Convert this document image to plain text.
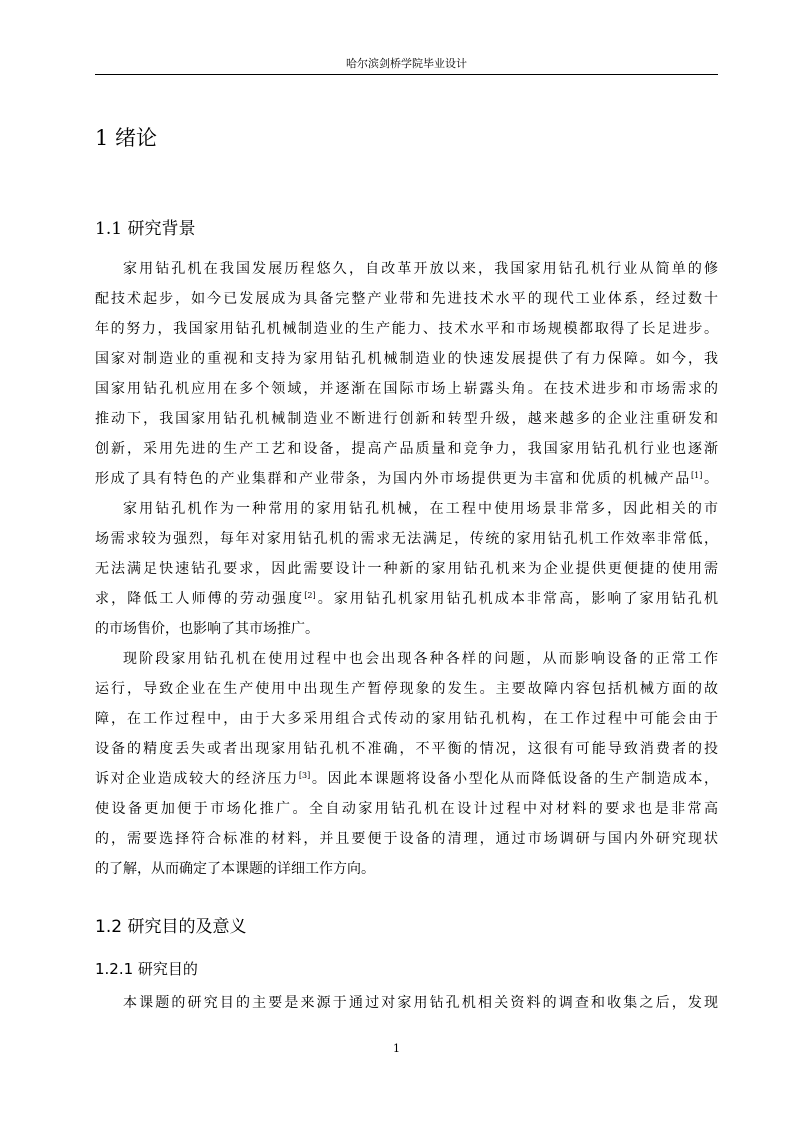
哈尔滨剑桥学院毕业设计
1 绪论
1.1 研究背景
家用钻孔机在我国发展历程悠久，自改革开放以来，我国家用钻孔机行业从简单的修
配技术起步，如今已发展成为具备完整产业带和先进技术水平的现代工业体系，经过数十
年的努力，我国家用钻孔机械制造业的生产能力、技术水平和市场规模都取得了长足进步。
国家对制造业的重视和支持为家用钻孔机械制造业的快速发展提供了有力保障。如今，我
国家用钻孔机应用在多个领域，并逐渐在国际市场上崭露头角。在技术进步和市场需求的
推动下，我国家用钻孔机械制造业不断进行创新和转型升级，越来越多的企业注重研发和
创新，采用先进的生产工艺和设备，提高产品质量和竞争力，我国家用钻孔机行业也逐渐
形成了具有特色的产业集群和产业带条，为国内外市场提供更为丰富和优质的机械产品[1]。
家用钻孔机作为一种常用的家用钻孔机械，在工程中使用场景非常多，因此相关的市
场需求较为强烈，每年对家用钻孔机的需求无法满足，传统的家用钻孔机工作效率非常低，
无法满足快速钻孔要求，因此需要设计一种新的家用钻孔机来为企业提供更便捷的使用需
求，降低工人师傅的劳动强度[2]。家用钻孔机家用钻孔机成本非常高，影响了家用钻孔机
的市场售价，也影响了其市场推广。
现阶段家用钻孔机在使用过程中也会出现各种各样的问题，从而影响设备的正常工作
运行，导致企业在生产使用中出现生产暂停现象的发生。主要故障内容包括机械方面的故
障，在工作过程中，由于大多采用组合式传动的家用钻孔机构，在工作过程中可能会由于
设备的精度丢失或者出现家用钻孔机不准确，不平衡的情况，这很有可能导致消费者的投
诉对企业造成较大的经济压力[3]。因此本课题将设备小型化从而降低设备的生产制造成本，
使设备更加便于市场化推广。全自动家用钻孔机在设计过程中对材料的要求也是非常高
的，需要选择符合标准的材料，并且要便于设备的清理，通过市场调研与国内外研究现状
的了解，从而确定了本课题的详细工作方向。
1.2 研究目的及意义
1.2.1 研究目的
本课题的研究目的主要是来源于通过对家用钻孔机相关资料的调查和收集之后，发现
1
